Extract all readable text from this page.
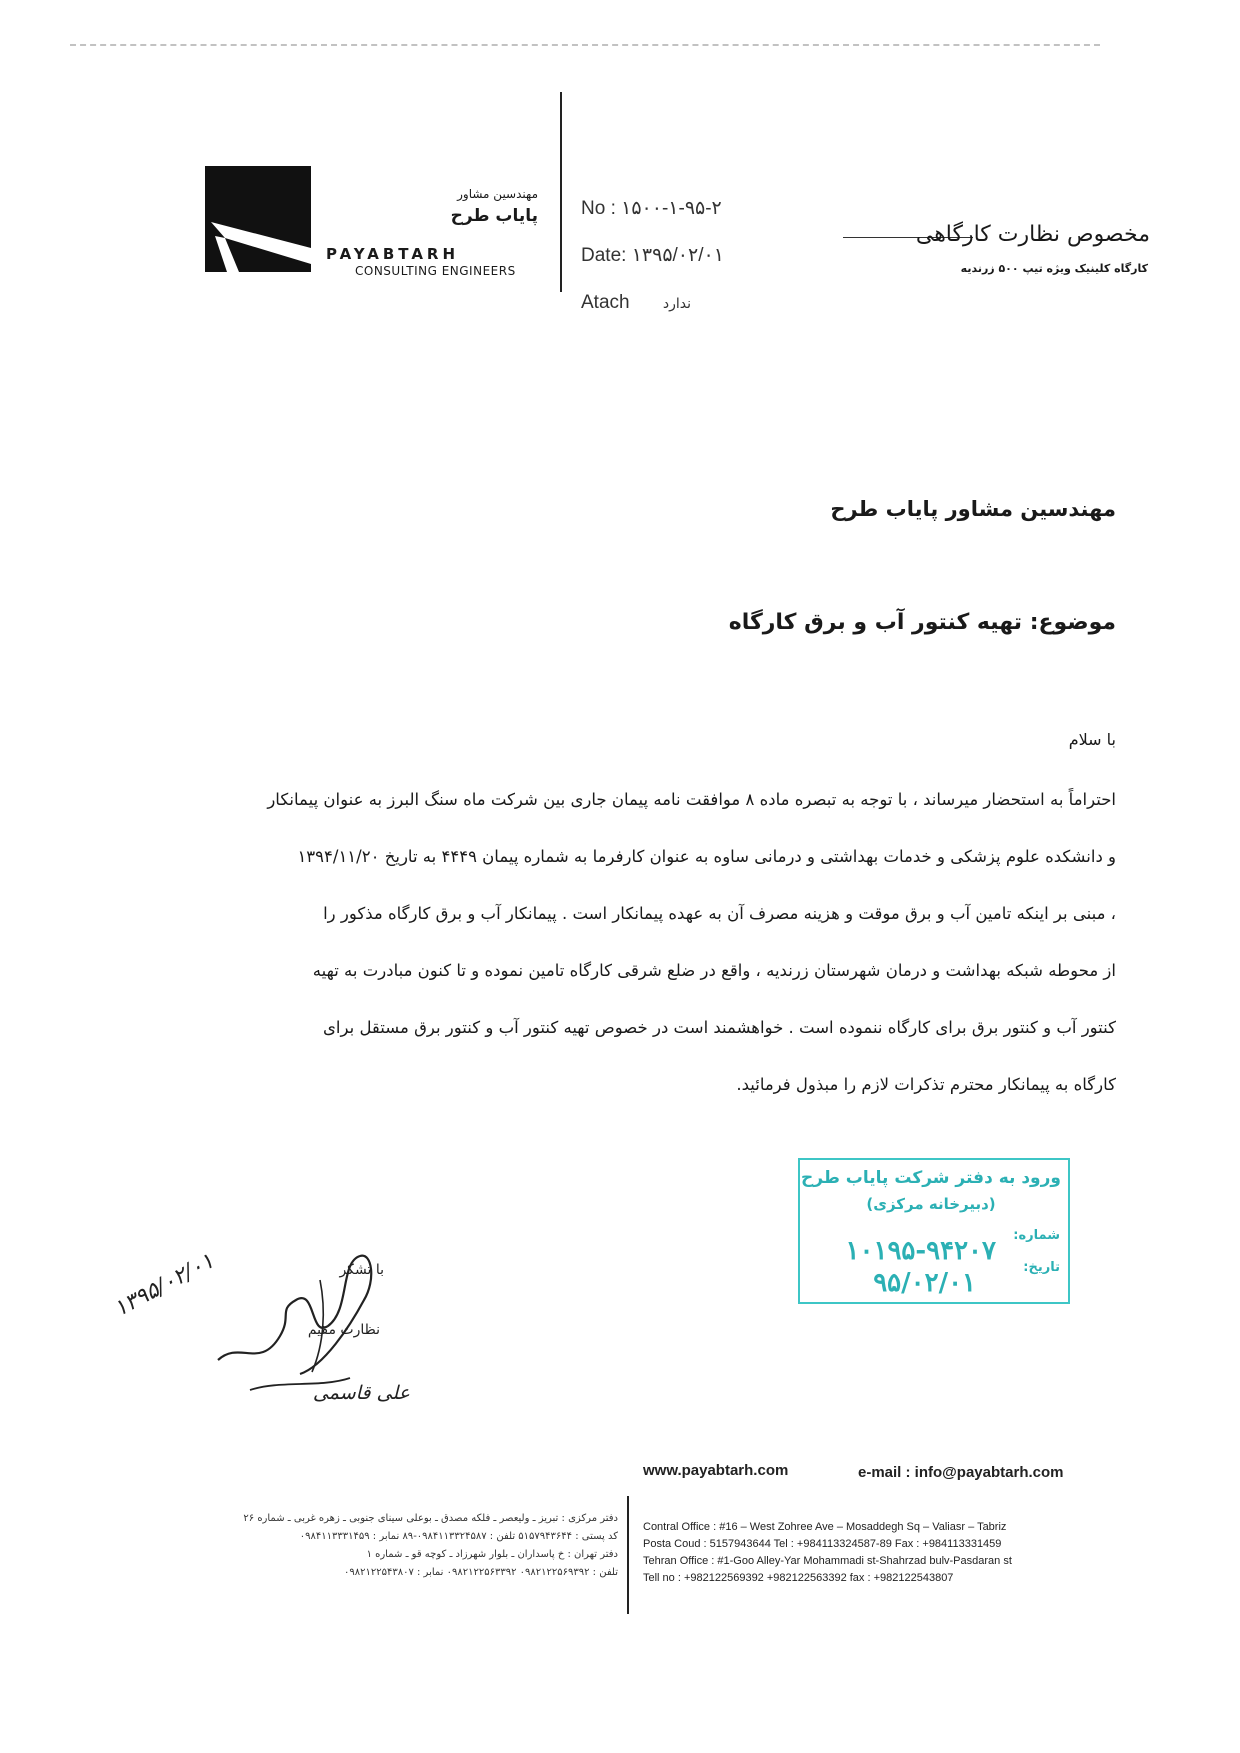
مهندسین مشاور
پایاب طرح
PAYABTARH
CONSULTING ENGINEERS
No : ۱۵۰۰-۱-۹۵-۲
Date: ۱۳۹۵/۰۲/۰۱
Atach ندارد
مخصوص نظارت کارگاهی
کارگاه کلینیک ویژه تیپ ۵۰۰ زرندیه
مهندسین مشاور پایاب طرح
موضوع: تهیه کنتور آب و برق کارگاه
با سلام
احتراماً به استحضار میرساند ، با توجه به تبصره ماده ۸ موافقت نامه پیمان جاری بین شرکت ماه سنگ البرز به عنوان پیمانکار
و دانشکده علوم پزشکی و خدمات بهداشتی و درمانی ساوه به عنوان کارفرما به شماره پیمان ۴۴۴۹ به تاریخ ۱۳۹۴/۱۱/۲۰
، مبنی بر اینکه تامین آب و برق موقت و هزینه مصرف آن به عهده پیمانکار است . پیمانکار آب و برق کارگاه مذکور را
از محوطه شبکه بهداشت و درمان شهرستان زرندیه ، واقع در ضلع شرقی کارگاه تامین نموده و تا کنون مبادرت به تهیه
کنتور آب و کنتور برق برای کارگاه ننموده است . خواهشمند است در خصوص تهیه کنتور آب و کنتور برق مستقل برای
کارگاه به پیمانکار محترم تذکرات لازم را مبذول فرمائید.
ورود به دفتر شرکت پایاب طرح
(دبیرخانه مرکزی)
شماره:
۱۰۱۹۵-۹۴۲۰۷
تاریخ:
۹۵/۰۲/۰۱
با تشکر
نظارت مقیم
علی قاسمی
۱۳۹۵/۰۲/۰۱
www.payabtarh.com	e-mail : info@payabtarh.com
Contral Office : #16 – West Zohree Ave – Mosaddegh Sq – Valiasr – Tabriz
Posta Coud : 5157943644 Tel : +984113324587-89 Fax : +984113331459
Tehran Office : #1-Goo Alley-Yar Mohammadi st-Shahrzad bulv-Pasdaran st
Tell no : +982122569392 +982122563392 fax : +982122543807
دفتر مرکزی : تبریز ـ ولیعصر ـ فلکه مصدق ـ بوعلی سینای جنوبی ـ زهره غربی ـ شماره ۲۶
کد پستی : ۵۱۵۷۹۴۳۶۴۴ تلفن : ۰۹۸۴۱۱۳۳۲۴۵۸۷-۸۹ نمابر : ۰۹۸۴۱۱۳۳۳۱۴۵۹
دفتر تهران : خ پاسداران ـ بلوار شهرزاد ـ کوچه قو ـ شماره ۱
تلفن : ۰۹۸۲۱۲۲۵۶۹۳۹۲ ۰۹۸۲۱۲۲۵۶۳۳۹۲ نمابر : ۰۹۸۲۱۲۲۵۴۳۸۰۷
